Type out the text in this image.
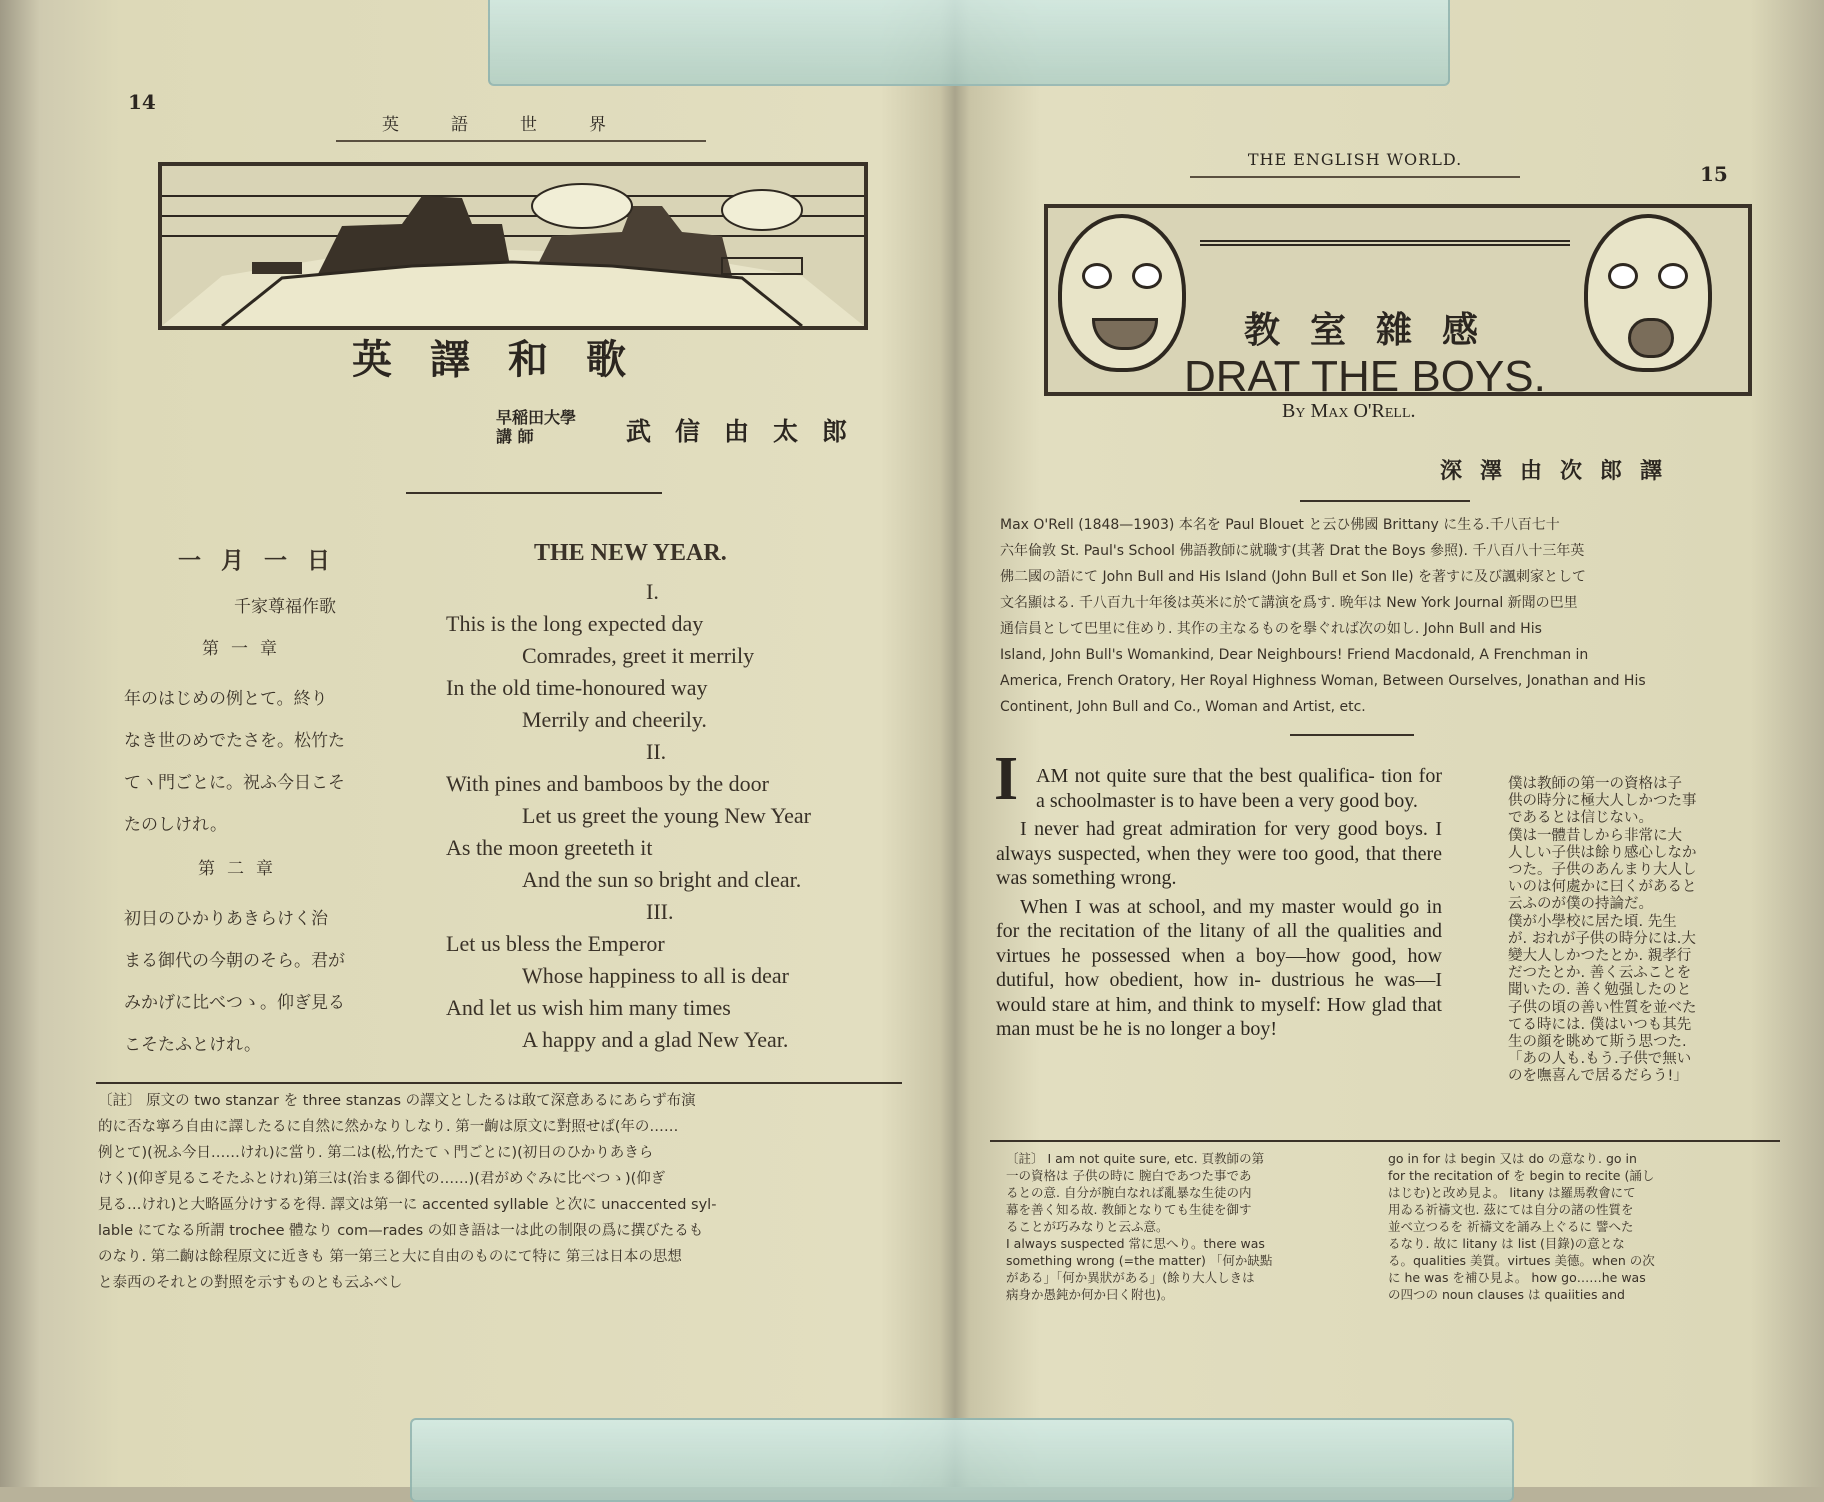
14
英語世界
英譯和歌
早稲田大學
講 師	武信由太郎
一月一日
千家尊福作歌
第一章
年のはじめの例とて。終り
なき世のめでたさを。松竹た
てヽ門ごとに。祝ふ今日こそ
たのしけれ。
第二章
初日のひかりあきらけく治
まる御代の今朝のそら。君が
みかげに比べつゝ。仰ぎ見る
こそたふとけれ。
THE NEW YEAR.
I.
This is the long expected day
Comrades, greet it merrily
In the old time-honoured way
Merrily and cheerily.
II.
With pines and bamboos by the door
Let us greet the young New Year
As the moon greeteth it
And the sun so bright and clear.
III.
Let us bless the Emperor
Whose happiness to all is dear
And let us wish him many times
A happy and a glad New Year.
〔註〕 原文の two stanzar を three stanzas の譯文としたるは敢て深意あるにあらず布演
的に否な寧ろ自由に譯したるに自然に然かなりしなり. 第一齣は原文に對照せば(年の……
例とて)(祝ふ今日……けれ)に當り. 第二は(松,竹たてヽ門ごとに)(初日のひかりあきら
けく)(仰ぎ見るこそたふとけれ)第三は(治まる御代の……)(君がめぐみに比べつゝ)(仰ぎ
見る…けれ)と大略區分けするを得. 譯文は第一に accented syllable と次に unaccented syl-
lable にてなる所謂 trochee 體なり com—rades の如き語は一は此の制限の爲に撰びたるも
のなり. 第二齣は餘程原文に近きも 第一第三と大に自由のものにて特に 第三は日本の思想
と泰西のそれとの對照を示すものとも云ふべし
THE ENGLISH WORLD.
15
教室雜感
DRAT THE BOYS.
By Max O'Rell.
深澤由次郎譯
Max O'Rell (1848—1903) 本名を Paul Blouet と云ひ佛國 Brittany に生る.千八百七十
六年倫敦 St. Paul's School 佛語教師に就職す(其著 Drat the Boys 參照). 千八百八十三年英
佛二國の語にて John Bull and His Island (John Bull et Son Ile) を著すに及び諷刺家として
文名顯はる. 千八百九十年後は英米に於て講演を爲す. 晩年は New York Journal 新聞の巴里
通信員として巴里に住めり. 其作の主なるものを擧ぐれば次の如し. John Bull and His
Island, John Bull's Womankind, Dear Neighbours! Friend Macdonald, A Frenchman in
America, French Oratory, Her Royal Highness Woman, Between Ourselves, Jonathan and His
Continent, John Bull and Co., Woman and Artist, etc.
I AM not quite sure that the best qualifica- tion for a schoolmaster is to have been a very good boy.

I never had great admiration for very good boys. I always suspected, when they were too good, that there was something wrong.

When I was at school, and my master would go in for the recitation of the litany of all the qualities and virtues he possessed when a boy—how good, how dutiful, how obedient, how in- dustrious he was—I would stare at him, and think to myself: How glad that man must be he is no longer a boy!

僕は教師の第一の資格は子
供の時分に極大人しかつた事
であるとは信じない。
僕は一體昔しから非常に大
人しい子供は餘り感心しなか
つた。子供のあんまり大人し
いのは何處かに曰くがあると
云ふのが僕の持論だ。
僕が小學校に居た頃. 先生
が. おれが子供の時分には.大
變大人しかつたとか. 親孝行
だつたとか. 善く云ふことを
聞いたの. 善く勉强したのと
子供の頃の善い性質を並べた
てる時には. 僕はいつも其先
生の顔を眺めて斯う思つた.
「あの人も.もう.子供で無い
のを嘸喜んで居るだらう!」
〔註〕 I am not quite sure, etc. 頁教師の第
一の資格は 子供の時に 腕白であつた事であ
るとの意. 自分が腕白なれば亂暴な生徒の内
幕を善く知る故. 教師となりても生徒を御す
ることが巧みなりと云ふ意。
I always suspected 常に思へり。there was
something wrong (=the matter) 「何か缺點
がある」「何か異狀がある」(餘り大人しきは
病身か愚鈍か何か曰く附也)。
go in for は begin 又は do の意なり. go in
for the recitation of を begin to recite (誦し
はじむ)と改め見よ。 litany は羅馬敎會にて
用ゐる祈禱文也. 茲にては自分の諸の性質を
並べ立つるを 祈禱文を誦み上ぐるに 譬へた
るなり. 故に litany は list (目錄)の意とな
る。qualities 美質。virtues 美德。when の次
に he was を補ひ見よ。 how go……he was
の四つの noun clauses は quaiities and
